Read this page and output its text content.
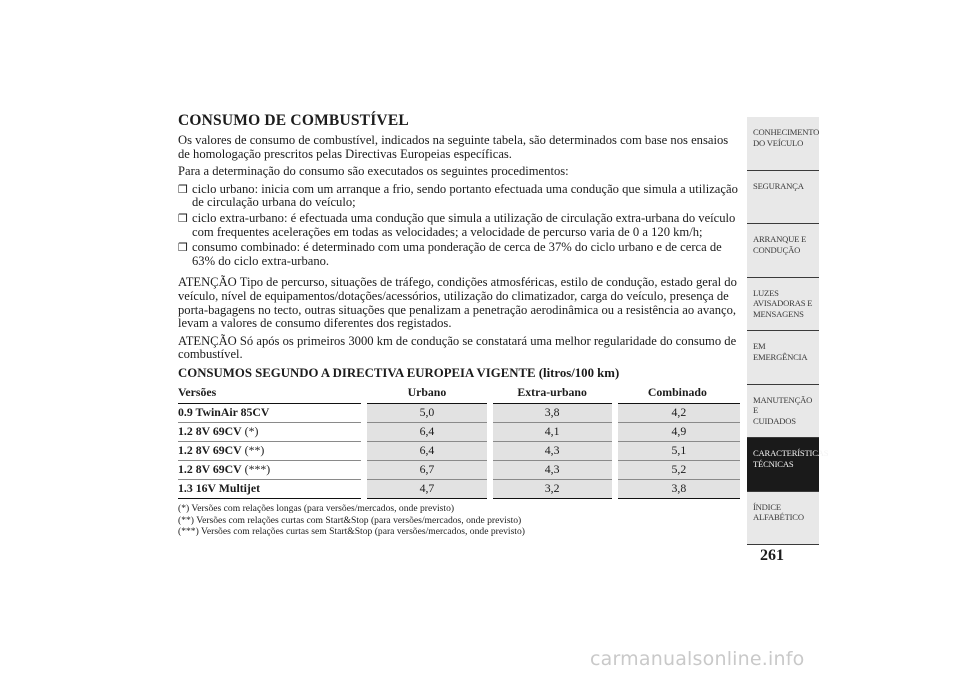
CONSUMO DE COMBUSTÍVEL

Os valores de consumo de combustível, indicados na seguinte tabela, são determinados com base nos ensaios de homologação prescritos pelas Directivas Europeias específicas.

Para a determinação do consumo são executados os seguintes procedimentos:

❒ ciclo urbano: inicia com um arranque a frio, sendo portanto efectuada uma condução que simula a utilização de circulação urbana do veículo;
❒ ciclo extra-urbano: é efectuada uma condução que simula a utilização de circulação extra-urbana do veículo com frequentes acelerações em todas as velocidades; a velocidade de percurso varia de 0 a 120 km/h;
❒ consumo combinado: é determinado com uma ponderação de cerca de 37% do ciclo urbano e de cerca de 63% do ciclo extra-urbano.

ATENÇÃO Tipo de percurso, situações de tráfego, condições atmosféricas, estilo de condução, estado geral do veículo, nível de equipamentos/dotações/acessórios, utilização do climatizador, carga do veículo, presença de porta-bagagens no tecto, outras situações que penalizam a penetração aerodinâmica ou a resistência ao avanço, levam a valores de consumo diferentes dos registados.

ATENÇÃO Só após os primeiros 3000 km de condução se constatará uma melhor regularidade do consumo de combustível.

CONSUMOS SEGUNDO A DIRECTIVA EUROPEIA VIGENTE (litros/100 km)
Versões	Urbano	Extra-urbano	Combinado
0.9 TwinAir 85CV	5,0	3,8	4,2
1.2 8V 69CV (*)	6,4	4,1	4,9
1.2 8V 69CV (**)	6,4	4,3	5,1
1.2 8V 69CV (***)	6,7	4,3	5,2
1.3 16V Multijet	4,7	3,2	3,8
(*) Versões com relações longas (para versões/mercados, onde previsto)
(**) Versões com relações curtas com Start&Stop (para versões/mercados, onde previsto)
(***) Versões com relações curtas sem Start&Stop (para versões/mercados, onde previsto)
CONHECIMENTO
DO VEÍCULO
SEGURANÇA
ARRANQUE E
CONDUÇÃO
LUZES
AVISADORAS E
MENSAGENS
EM EMERGÊNCIA
MANUTENÇÃO E
CUIDADOS
CARACTERÍSTICAS
TÉCNICAS
ÍNDICE
ALFABÉTICO
261
carmanualsonline.info
